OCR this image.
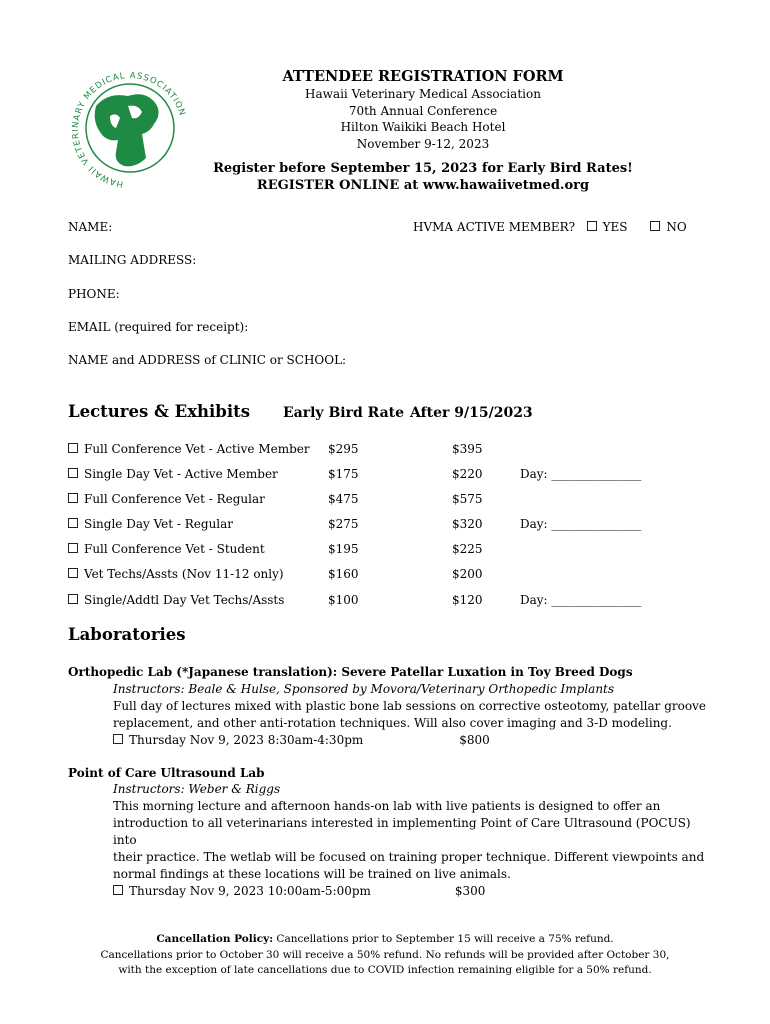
HAWAII VETERINARY MEDICAL ASSOCIATION
ATTENDEE REGISTRATION FORM
Hawaii Veterinary Medical Association
70th Annual Conference
Hilton Waikiki Beach Hotel
November 9-12, 2023
Register before September 15, 2023 for Early Bird Rates!
REGISTER ONLINE at www.hawaiivetmed.org
NAME:	HVMA ACTIVE MEMBER? YES	NO
MAILING ADDRESS:
PHONE:
EMAIL (required for receipt):
NAME and ADDRESS of CLINIC or SCHOOL:
Lectures & Exhibits Early Bird Rate After 9/15/2023
Full Conference Vet - Active Member $295	$395
Single Day Vet - Active Member	$175	$220	Day: _______________
Full Conference Vet - Regular	$475	$575
Single Day Vet - Regular	$275	$320	Day: _______________
Full Conference Vet - Student	$195	$225
Vet Techs/Assts (Nov 11-12 only)	$160	$200
Single/Addtl Day Vet Techs/Assts	$100	$120	Day: _______________
Laboratories
Orthopedic Lab (*Japanese translation): Severe Patellar Luxation in Toy Breed Dogs
Instructors: Beale & Hulse, Sponsored by Movora/Veterinary Orthopedic Implants
Full day of lectures mixed with plastic bone lab sessions on corrective osteotomy, patellar groove
replacement, and other anti-rotation techniques. Will also cover imaging and 3-D modeling.
Thursday Nov 9, 2023 8:30am-4:30pm	$800
Point of Care Ultrasound Lab
Instructors: Weber & Riggs
This morning lecture and afternoon hands-on lab with live patients is designed to offer an
introduction to all veterinarians interested in implementing Point of Care Ultrasound (POCUS) into
their practice. The wetlab will be focused on training proper technique. Different viewpoints and
normal findings at these locations will be trained on live animals.
Thursday Nov 9, 2023 10:00am-5:00pm	$300
Cancellation Policy: Cancellations prior to September 15 will receive a 75% refund.
Cancellations prior to October 30 will receive a 50% refund. No refunds will be provided after October 30,
with the exception of late cancellations due to COVID infection remaining eligible for a 50% refund.
